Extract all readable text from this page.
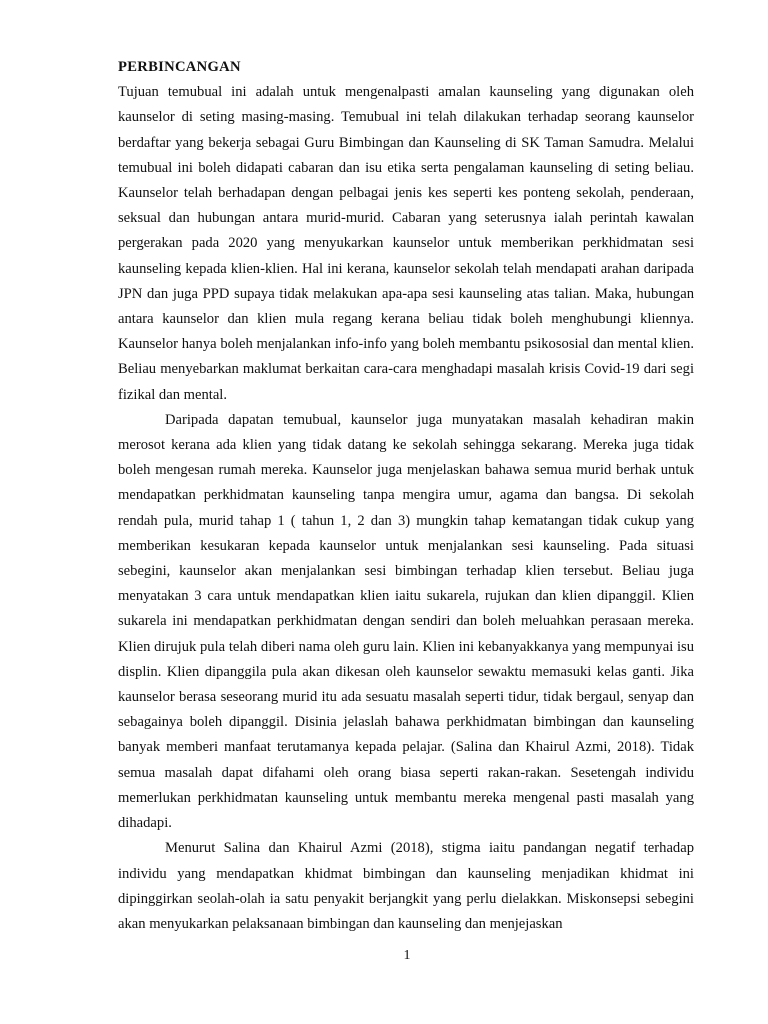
PERBINCANGAN

Tujuan temubual ini adalah untuk mengenalpasti amalan kaunseling yang digunakan oleh kaunselor di seting masing-masing. Temubual ini telah dilakukan terhadap seorang kaunselor berdaftar yang bekerja sebagai Guru Bimbingan dan Kaunseling di SK Taman Samudra. Melalui temubual ini boleh didapati cabaran dan isu etika serta pengalaman kaunseling di seting beliau. Kaunselor telah berhadapan dengan pelbagai jenis kes seperti kes ponteng sekolah, penderaan, seksual dan hubungan antara murid-murid. Cabaran yang seterusnya ialah perintah kawalan pergerakan pada 2020 yang menyukarkan kaunselor untuk memberikan perkhidmatan sesi kaunseling kepada klien-klien. Hal ini kerana, kaunselor sekolah telah mendapati arahan daripada JPN dan juga PPD supaya tidak melakukan apa-apa sesi kaunseling atas talian. Maka, hubungan antara kaunselor dan klien mula regang kerana beliau tidak boleh menghubungi kliennya. Kaunselor hanya boleh menjalankan info-info yang boleh membantu psikososial dan mental klien. Beliau menyebarkan maklumat berkaitan cara-cara menghadapi masalah krisis Covid-19 dari segi fizikal dan mental.

Daripada dapatan temubual, kaunselor juga munyatakan masalah kehadiran makin merosot kerana ada klien yang tidak datang ke sekolah sehingga sekarang. Mereka juga tidak boleh mengesan rumah mereka. Kaunselor juga menjelaskan bahawa semua murid berhak untuk mendapatkan perkhidmatan kaunseling tanpa mengira umur, agama dan bangsa. Di sekolah rendah pula, murid tahap 1 ( tahun 1, 2 dan 3) mungkin tahap kematangan tidak cukup yang memberikan kesukaran kepada kaunselor untuk menjalankan sesi kaunseling. Pada situasi sebegini, kaunselor akan menjalankan sesi bimbingan terhadap klien tersebut. Beliau juga menyatakan 3 cara untuk mendapatkan klien iaitu sukarela, rujukan dan klien dipanggil. Klien sukarela ini mendapatkan perkhidmatan dengan sendiri dan boleh meluahkan perasaan mereka. Klien dirujuk pula telah diberi nama oleh guru lain. Klien ini kebanyakkanya yang mempunyai isu displin. Klien dipanggila pula akan dikesan oleh kaunselor sewaktu memasuki kelas ganti. Jika kaunselor berasa seseorang murid itu ada sesuatu masalah seperti tidur, tidak bergaul, senyap dan sebagainya boleh dipanggil. Disinia jelaslah bahawa perkhidmatan bimbingan dan kaunseling banyak memberi manfaat terutamanya kepada pelajar. (Salina dan Khairul Azmi, 2018). Tidak semua masalah dapat difahami oleh orang biasa seperti rakan-rakan. Sesetengah individu memerlukan perkhidmatan kaunseling untuk membantu mereka mengenal pasti masalah yang dihadapi.

Menurut Salina dan Khairul Azmi (2018), stigma iaitu pandangan negatif terhadap individu yang mendapatkan khidmat bimbingan dan kaunseling menjadikan khidmat ini dipinggirkan seolah-olah ia satu penyakit berjangkit yang perlu dielakkan. Miskonsepsi sebegini akan menyukarkan pelaksanaan bimbingan dan kaunseling dan menjejaskan

1
